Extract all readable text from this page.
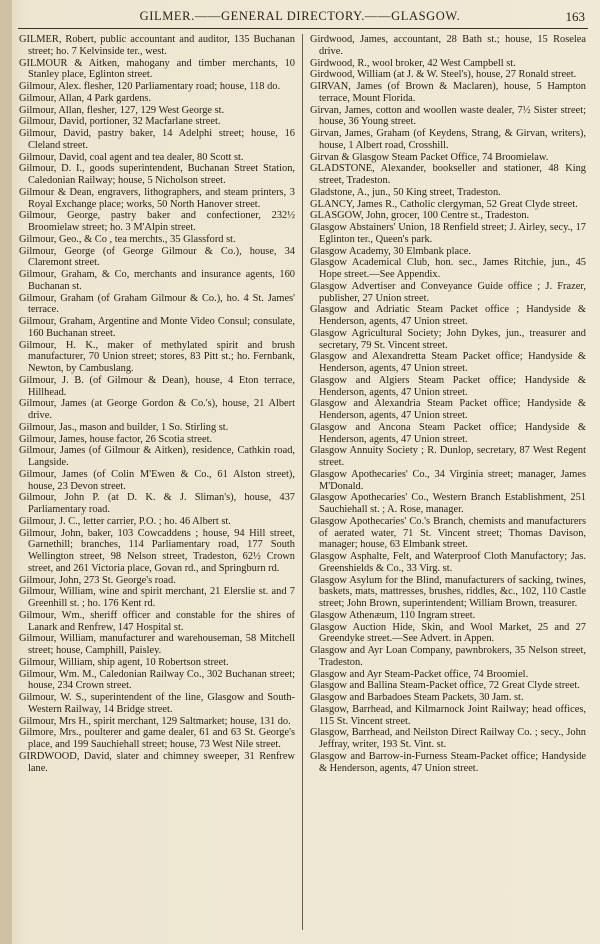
GILMER.——GENERAL DIRECTORY.——GLASGOW.	163

GILMER, Robert, public accountant and auditor, 135 Buchanan street; ho. 7 Kelvinside ter., west.

GILMOUR & Aitken, mahogany and timber merchants, 10 Stanley place, Eglinton street.

Gilmour, Alex. flesher, 120 Parliamentary road; house, 118 do.

Gilmour, Allan, 4 Park gardens.

Gilmour, Allan, flesher, 127, 129 West George st.

Gilmour, David, portioner, 32 Macfarlane street.

Gilmour, David, pastry baker, 14 Adelphi street; house, 16 Cleland street.

Gilmour, David, coal agent and tea dealer, 80 Scott st.

Gilmour, D. I., goods superintendent, Buchanan Street Station, Caledonian Railway; house, 5 Nicholson street.

Gilmour & Dean, engravers, lithographers, and steam printers, 3 Royal Exchange place; works, 50 North Hanover street.

Gilmour, George, pastry baker and confectioner, 232½ Broomielaw street; ho. 3 M'Alpin street.

Gilmour, Geo., & Co , tea merchts., 35 Glassford st.

Gilmour, George (of George Gilmour & Co.), house, 34 Claremont street.

Gilmour, Graham, & Co, merchants and insurance agents, 160 Buchanan st.

Gilmour, Graham (of Graham Gilmour & Co.), ho. 4 St. James' terrace.

Gilmour, Graham, Argentine and Monte Video Consul; consulate, 160 Buchanan street.

Gilmour, H. K., maker of methylated spirit and brush manufacturer, 70 Union street; stores, 83 Pitt st.; ho. Fernbank, Newton, by Cambuslang.

Gilmour, J. B. (of Gilmour & Dean), house, 4 Eton terrace, Hillhead.

Gilmour, James (at George Gordon & Co.'s), house, 21 Albert drive.

Gilmour, Jas., mason and builder, 1 So. Stirling st.

Gilmour, James, house factor, 26 Scotia street.

Gilmour, James (of Gilmour & Aitken), residence, Cathkin road, Langside.

Gilmour, James (of Colin M'Ewen & Co., 61 Alston street), house, 23 Devon street.

Gilmour, John P. (at D. K. & J. Sliman's), house, 437 Parliamentary road.

Gilmour, J. C., letter carrier, P.O. ; ho. 46 Albert st.

Gilmour, John, baker, 103 Cowcaddens ; house, 94 Hill street, Garnethill; branches, 114 Parliamentary road, 177 South Wellington street, 98 Nelson street, Tradeston, 62½ Crown street, and 261 Victoria place, Govan rd., and Springburn rd.

Gilmour, John, 273 St. George's road.

Gilmour, William, wine and spirit merchant, 21 Elerslie st. and 7 Greenhill st. ; ho. 176 Kent rd.

Gilmour, Wm., sheriff officer and constable for the shires of Lanark and Renfrew, 147 Hospital st.

Gilmour, William, manufacturer and warehouseman, 58 Mitchell street; house, Camphill, Paisley.

Gilmour, William, ship agent, 10 Robertson street.

Gilmour, Wm. M., Caledonian Railway Co., 302 Buchanan street; house, 234 Crown street.

Gilmour, W. S., superintendent of the line, Glasgow and South-Western Railway, 14 Bridge street.

Gilmour, Mrs H., spirit merchant, 129 Saltmarket; house, 131 do.

Gilmore, Mrs., poulterer and game dealer, 61 and 63 St. George's place, and 199 Sauchiehall street; house, 73 West Nile street.

GIRDWOOD, David, slater and chimney sweeper, 31 Renfrew lane.

Girdwood, James, accountant, 28 Bath st.; house, 15 Roselea drive.

Girdwood, R., wool broker, 42 West Campbell st.

Girdwood, William (at J. & W. Steel's), house, 27 Ronald street.

GIRVAN, James (of Brown & Maclaren), house, 5 Hampton terrace, Mount Florida.

Girvan, James, cotton and woollen waste dealer, 7½ Sister street; house, 36 Young street.

Girvan, James, Graham (of Keydens, Strang, & Girvan, writers), house, 1 Albert road, Crosshill.

Girvan & Glasgow Steam Packet Office, 74 Broomielaw.

GLADSTONE, Alexander, bookseller and stationer, 48 King street, Tradeston.

Gladstone, A., jun., 50 King street, Tradeston.

GLANCY, James R., Catholic clergyman, 52 Great Clyde street.

GLASGOW, John, grocer, 100 Centre st., Tradeston.

Glasgow Abstainers' Union, 18 Renfield street; J. Airley, secy., 17 Eglinton ter., Queen's park.

Glasgow Academy, 30 Elmbank place.

Glasgow Academical Club, hon. sec., James Ritchie, jun., 45 Hope street.—See Appendix.

Glasgow Advertiser and Conveyance Guide office ; J. Frazer, publisher, 27 Union street.

Glasgow and Adriatic Steam Packet office ; Handyside & Henderson, agents, 47 Union street.

Glasgow Agricultural Society; John Dykes, jun., treasurer and secretary, 79 St. Vincent street.

Glasgow and Alexandretta Steam Packet office; Handyside & Henderson, agents, 47 Union street.

Glasgow and Algiers Steam Packet office; Handyside & Henderson, agents, 47 Union street.

Glasgow and Alexandria Steam Packet office; Handyside & Henderson, agents, 47 Union street.

Glasgow and Ancona Steam Packet office; Handyside & Henderson, agents, 47 Union street.

Glasgow Annuity Society ; R. Dunlop, secretary, 87 West Regent street.

Glasgow Apothecaries' Co., 34 Virginia street; manager, James M'Donald.

Glasgow Apothecaries' Co., Western Branch Establishment, 251 Sauchiehall st. ; A. Rose, manager.

Glasgow Apothecaries' Co.'s Branch, chemists and manufacturers of aerated water, 71 St. Vincent street; Thomas Davison, manager; house, 63 Elmbank street.

Glasgow Asphalte, Felt, and Waterproof Cloth Manufactory; Jas. Greenshields & Co., 33 Virg. st.

Glasgow Asylum for the Blind, manufacturers of sacking, twines, baskets, mats, mattresses, brushes, riddles, &c., 102, 110 Castle street; John Brown, superintendent; William Brown, treasurer.

Glasgow Athenæum, 110 Ingram street.

Glasgow Auction Hide, Skin, and Wool Market, 25 and 27 Greendyke street.—See Advert. in Appen.

Glasgow and Ayr Loan Company, pawnbrokers, 35 Nelson street, Tradeston.

Glasgow and Ayr Steam-Packet office, 74 Broomiel.

Glasgow and Ballina Steam-Packet office, 72 Great Clyde street.

Glasgow and Barbadoes Steam Packets, 30 Jam. st.

Glasgow, Barrhead, and Kilmarnock Joint Railway; head offices, 115 St. Vincent street.

Glasgow, Barrhead, and Neilston Direct Railway Co. ; secy., John Jeffray, writer, 193 St. Vint. st.

Glasgow and Barrow-in-Furness Steam-Packet office; Handyside & Henderson, agents, 47 Union street.
